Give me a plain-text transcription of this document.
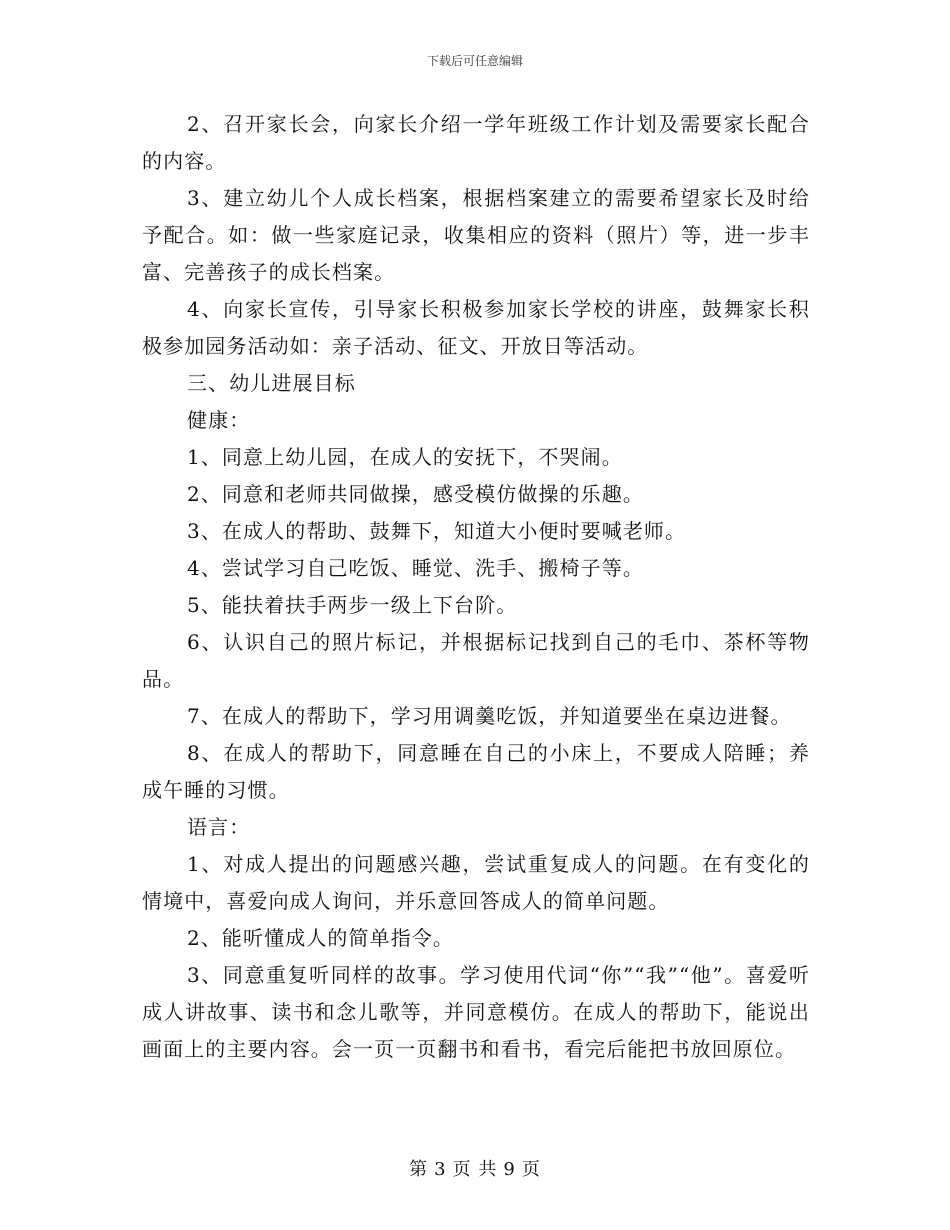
下载后可任意编辑

2、召开家长会，向家长介绍一学年班级工作计划及需要家长配合的内容。

3、建立幼儿个人成长档案，根据档案建立的需要希望家长及时给予配合。如：做一些家庭记录，收集相应的资料（照片）等，进一步丰富、完善孩子的成长档案。

4、向家长宣传，引导家长积极参加家长学校的讲座，鼓舞家长积极参加园务活动如：亲子活动、征文、开放日等活动。

三、幼儿进展目标

健康：

1、同意上幼儿园，在成人的安抚下，不哭闹。

2、同意和老师共同做操，感受模仿做操的乐趣。

3、在成人的帮助、鼓舞下，知道大小便时要喊老师。

4、尝试学习自己吃饭、睡觉、洗手、搬椅子等。

5、能扶着扶手两步一级上下台阶。

6、认识自己的照片标记，并根据标记找到自己的毛巾、茶杯等物品。

7、在成人的帮助下，学习用调羹吃饭，并知道要坐在桌边进餐。

8、在成人的帮助下，同意睡在自己的小床上，不要成人陪睡；养成午睡的习惯。

语言：

1、对成人提出的问题感兴趣，尝试重复成人的问题。在有变化的情境中，喜爱向成人询问，并乐意回答成人的简单问题。

2、能听懂成人的简单指令。

3、同意重复听同样的故事。学习使用代词“你”“我”“他”。喜爱听成人讲故事、读书和念儿歌等，并同意模仿。在成人的帮助下，能说出画面上的主要内容。会一页一页翻书和看书，看完后能把书放回原位。

第 3 页 共 9 页
